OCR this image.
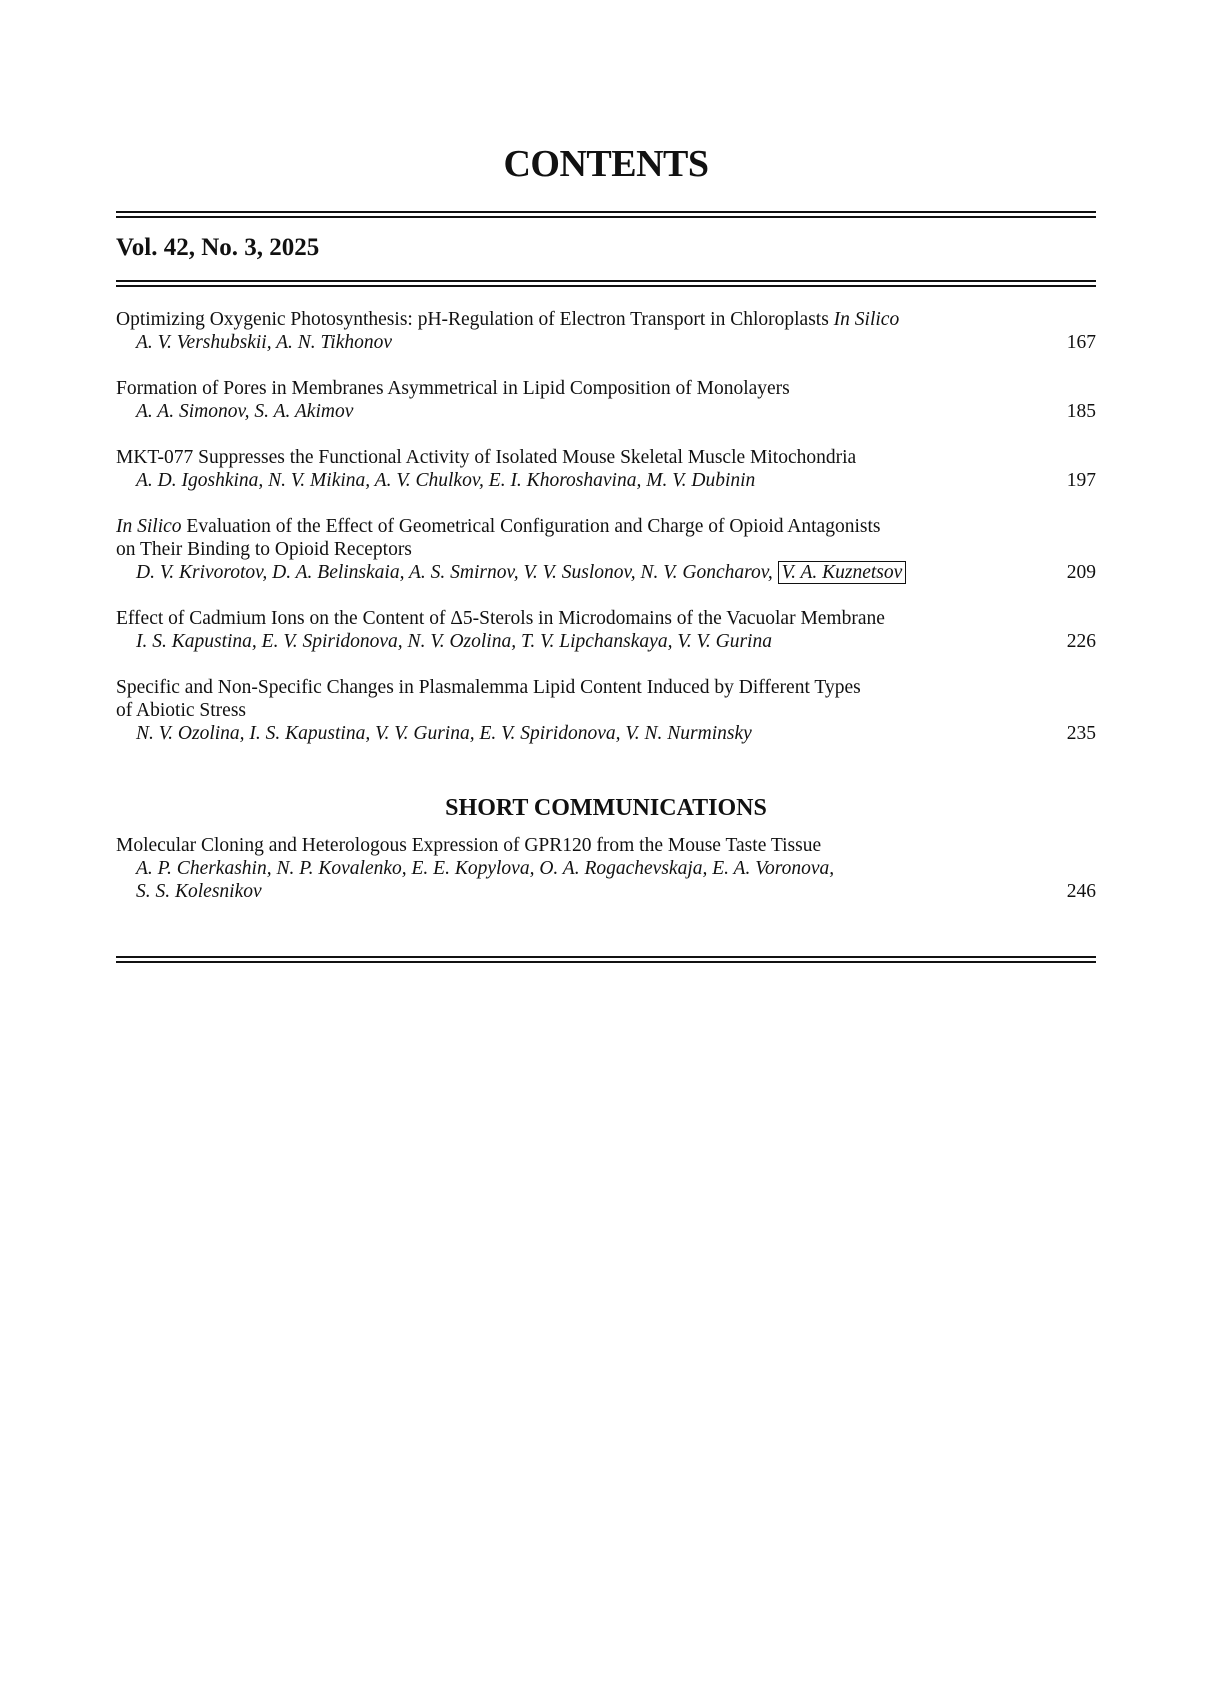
CONTENTS
Vol. 42, No. 3, 2025
Optimizing Oxygenic Photosynthesis: pH-Regulation of Electron Transport in Chloroplasts In Silico
A. V. Vershubskii, A. N. Tikhonov	167
Formation of Pores in Membranes Asymmetrical in Lipid Composition of Monolayers
A. A. Simonov, S. A. Akimov	185
MKT-077 Suppresses the Functional Activity of Isolated Mouse Skeletal Muscle Mitochondria
A. D. Igoshkina, N. V. Mikina, A. V. Chulkov, E. I. Khoroshavina, M. V. Dubinin	197
In Silico Evaluation of the Effect of Geometrical Configuration and Charge of Opioid Antagonists
on Their Binding to Opioid Receptors
D. V. Krivorotov, D. A. Belinskaia, A. S. Smirnov, V. V. Suslonov, N. V. Goncharov, V. A. Kuznetsov	209
Effect of Cadmium Ions on the Content of Δ5-Sterols in Microdomains of the Vacuolar Membrane
I. S. Kapustina, E. V. Spiridonova, N. V. Ozolina, T. V. Lipchanskaya, V. V. Gurina	226
Specific and Non-Specific Changes in Plasmalemma Lipid Content Induced by Different Types
of Abiotic Stress
N. V. Ozolina, I. S. Kapustina, V. V. Gurina, E. V. Spiridonova, V. N. Nurminsky	235
SHORT COMMUNICATIONS
Molecular Cloning and Heterologous Expression of GPR120 from the Mouse Taste Tissue
A. P. Cherkashin, N. P. Kovalenko, E. E. Kopylova, O. A. Rogachevskaja, E. A. Voronova,
S. S. Kolesnikov	246
